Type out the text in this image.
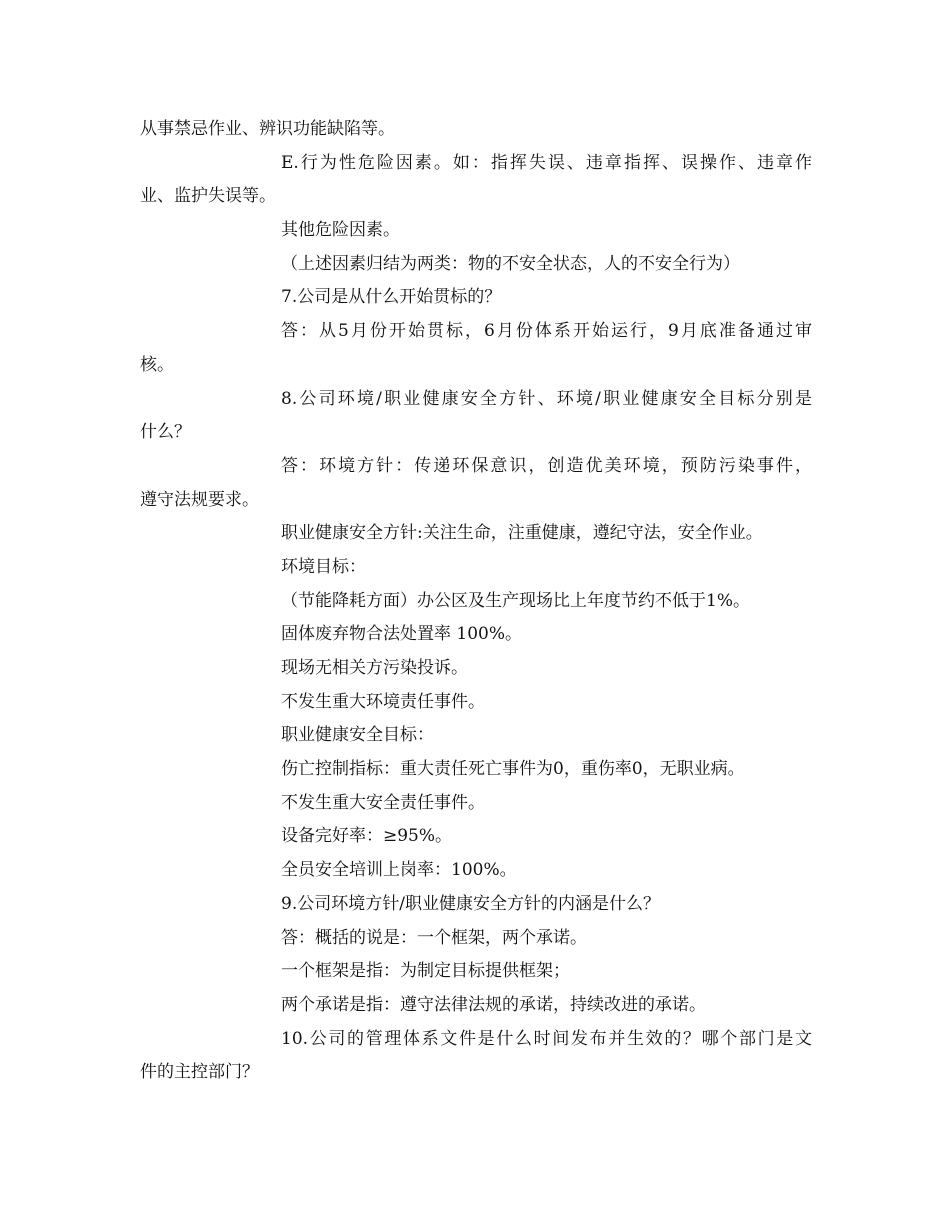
从事禁忌作业、辨识功能缺陷等。
E.行为性危险因素。如：指挥失误、违章指挥、误操作、违章作
业、监护失误等。
其他危险因素。
（上述因素归结为两类：物的不安全状态，人的不安全行为）
7.公司是从什么开始贯标的？
答：从5月份开始贯标，6月份体系开始运行，9月底准备通过审
核。
8.公司环境/职业健康安全方针、环境/职业健康安全目标分别是
什么？
答：环境方针：传递环保意识，创造优美环境，预防污染事件，
遵守法规要求。
职业健康安全方针:关注生命，注重健康，遵纪守法，安全作业。
环境目标：
（节能降耗方面）办公区及生产现场比上年度节约不低于1%。
固体废弃物合法处置率 100%。
现场无相关方污染投诉。
不发生重大环境责任事件。
职业健康安全目标：
伤亡控制指标：重大责任死亡事件为0，重伤率0，无职业病。
不发生重大安全责任事件。
设备完好率：≥95%。
全员安全培训上岗率：100%。
9.公司环境方针/职业健康安全方针的内涵是什么？
答：概括的说是：一个框架，两个承诺。
一个框架是指：为制定目标提供框架；
两个承诺是指：遵守法律法规的承诺，持续改进的承诺。
10.公司的管理体系文件是什么时间发布并生效的？哪个部门是文
件的主控部门？
